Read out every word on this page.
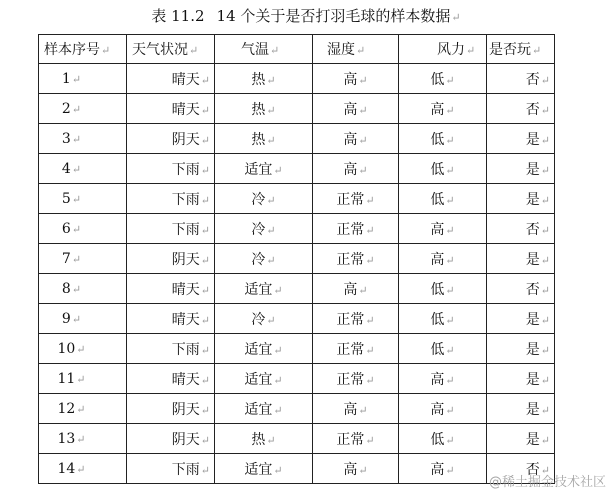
表 11.2 14 个关于是否打羽毛球的样本数据↵
样本序号↵	天气状况↵	气温↵	湿度↵	风力↵	是否玩↵
1↵	晴天↵	热↵	高↵	低↵	否↵
2↵	晴天↵	热↵	高↵	高↵	否↵
3↵	阴天↵	热↵	高↵	低↵	是↵
4↵	下雨↵	适宜↵	高↵	低↵	是↵
5↵	下雨↵	冷↵	正常↵	低↵	是↵
6↵	下雨↵	冷↵	正常↵	高↵	否↵
7↵	阴天↵	冷↵	正常↵	高↵	是↵
8↵	晴天↵	适宜↵	高↵	低↵	否↵
9↵	晴天↵	冷↵	正常↵	低↵	是↵
10↵	下雨↵	适宜↵	正常↵	低↵	是↵
11↵	晴天↵	适宜↵	正常↵	高↵	是↵
12↵	阴天↵	适宜↵	高↵	高↵	是↵
13↵	阴天↵	热↵	正常↵	低↵	是↵
14↵	下雨↵	适宜↵	高↵	高↵	否↵
@稀土掘金技术社区
